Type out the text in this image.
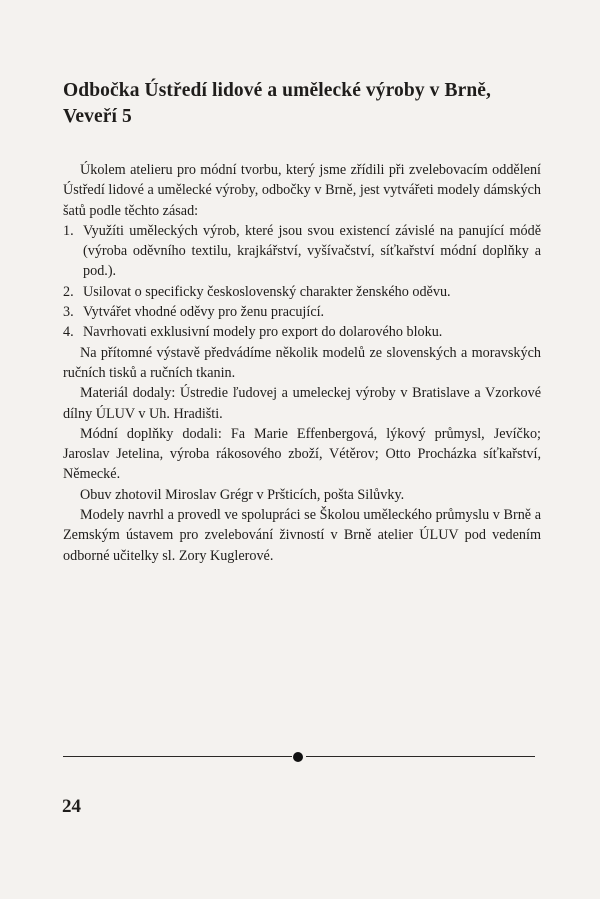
Odbočka Ústředí lidové a umělecké výroby v Brně,
Veveří 5

Úkolem atelieru pro módní tvorbu, který jsme zřídili při zvelebovacím oddělení Ústředí lidové a umělecké výroby, odbočky v Brně, jest vytvářeti modely dámských šatů podle těchto zásad:

1. Využíti uměleckých výrob, které jsou svou existencí závislé na panující módě (výroba oděvního textilu, krajkářství, vyšívačství, síťkařství módní doplňky a pod.).
2. Usilovat o specificky československý charakter ženského oděvu.
3. Vytvářet vhodné oděvy pro ženu pracující.
4. Navrhovati exklusivní modely pro export do dolarového bloku.

Na přítomné výstavě předvádíme několik modelů ze slovenských a moravských ručních tisků a ručních tkanin.

Materiál dodaly: Ústredie ľudovej a umeleckej výroby v Bratislave a Vzorkové dílny ÚLUV v Uh. Hradišti.

Módní doplňky dodali: Fa Marie Effenbergová, lýkový průmysl, Jevíčko; Jaroslav Jetelina, výroba rákosového zboží, Vétěrov; Otto Procházka síťkařství, Německé.

Obuv zhotovil Miroslav Grégr v Pršticích, pošta Silůvky.

Modely navrhl a provedl ve spolupráci se Školou uměleckého průmyslu v Brně a Zemským ústavem pro zvelebování živností v Brně atelier ÚLUV pod vedením odborné učitelky sl. Zory Kuglerové.

24
